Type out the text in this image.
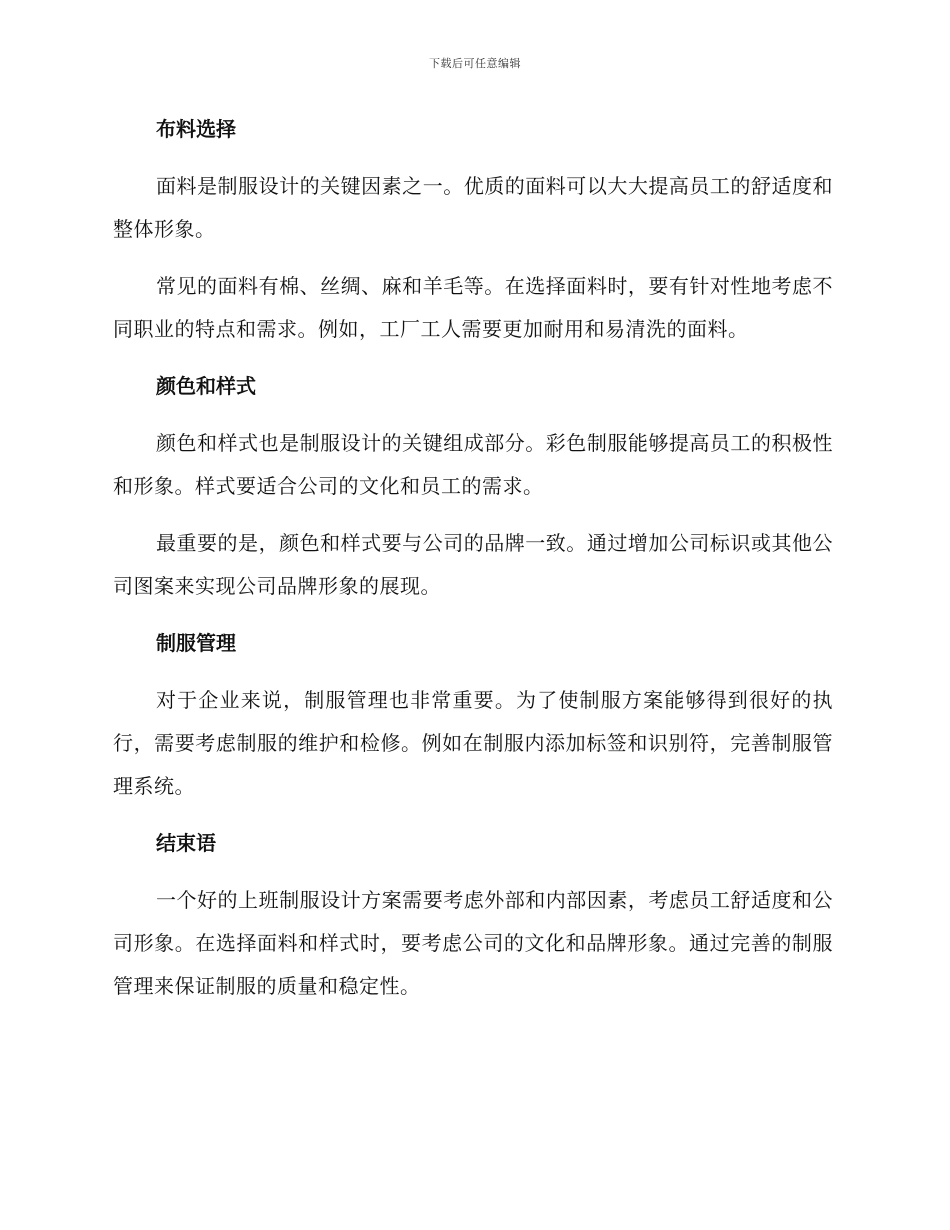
下载后可任意编辑
布料选择

面料是制服设计的关键因素之一。优质的面料可以大大提高员工的舒适度和整体形象。

常见的面料有棉、丝绸、麻和羊毛等。在选择面料时，要有针对性地考虑不同职业的特点和需求。例如，工厂工人需要更加耐用和易清洗的面料。

颜色和样式

颜色和样式也是制服设计的关键组成部分。彩色制服能够提高员工的积极性和形象。样式要适合公司的文化和员工的需求。

最重要的是，颜色和样式要与公司的品牌一致。通过增加公司标识或其他公司图案来实现公司品牌形象的展现。

制服管理

对于企业来说，制服管理也非常重要。为了使制服方案能够得到很好的执行，需要考虑制服的维护和检修。例如在制服内添加标签和识别符，完善制服管理系统。

结束语

一个好的上班制服设计方案需要考虑外部和内部因素，考虑员工舒适度和公司形象。在选择面料和样式时，要考虑公司的文化和品牌形象。通过完善的制服管理来保证制服的质量和稳定性。
